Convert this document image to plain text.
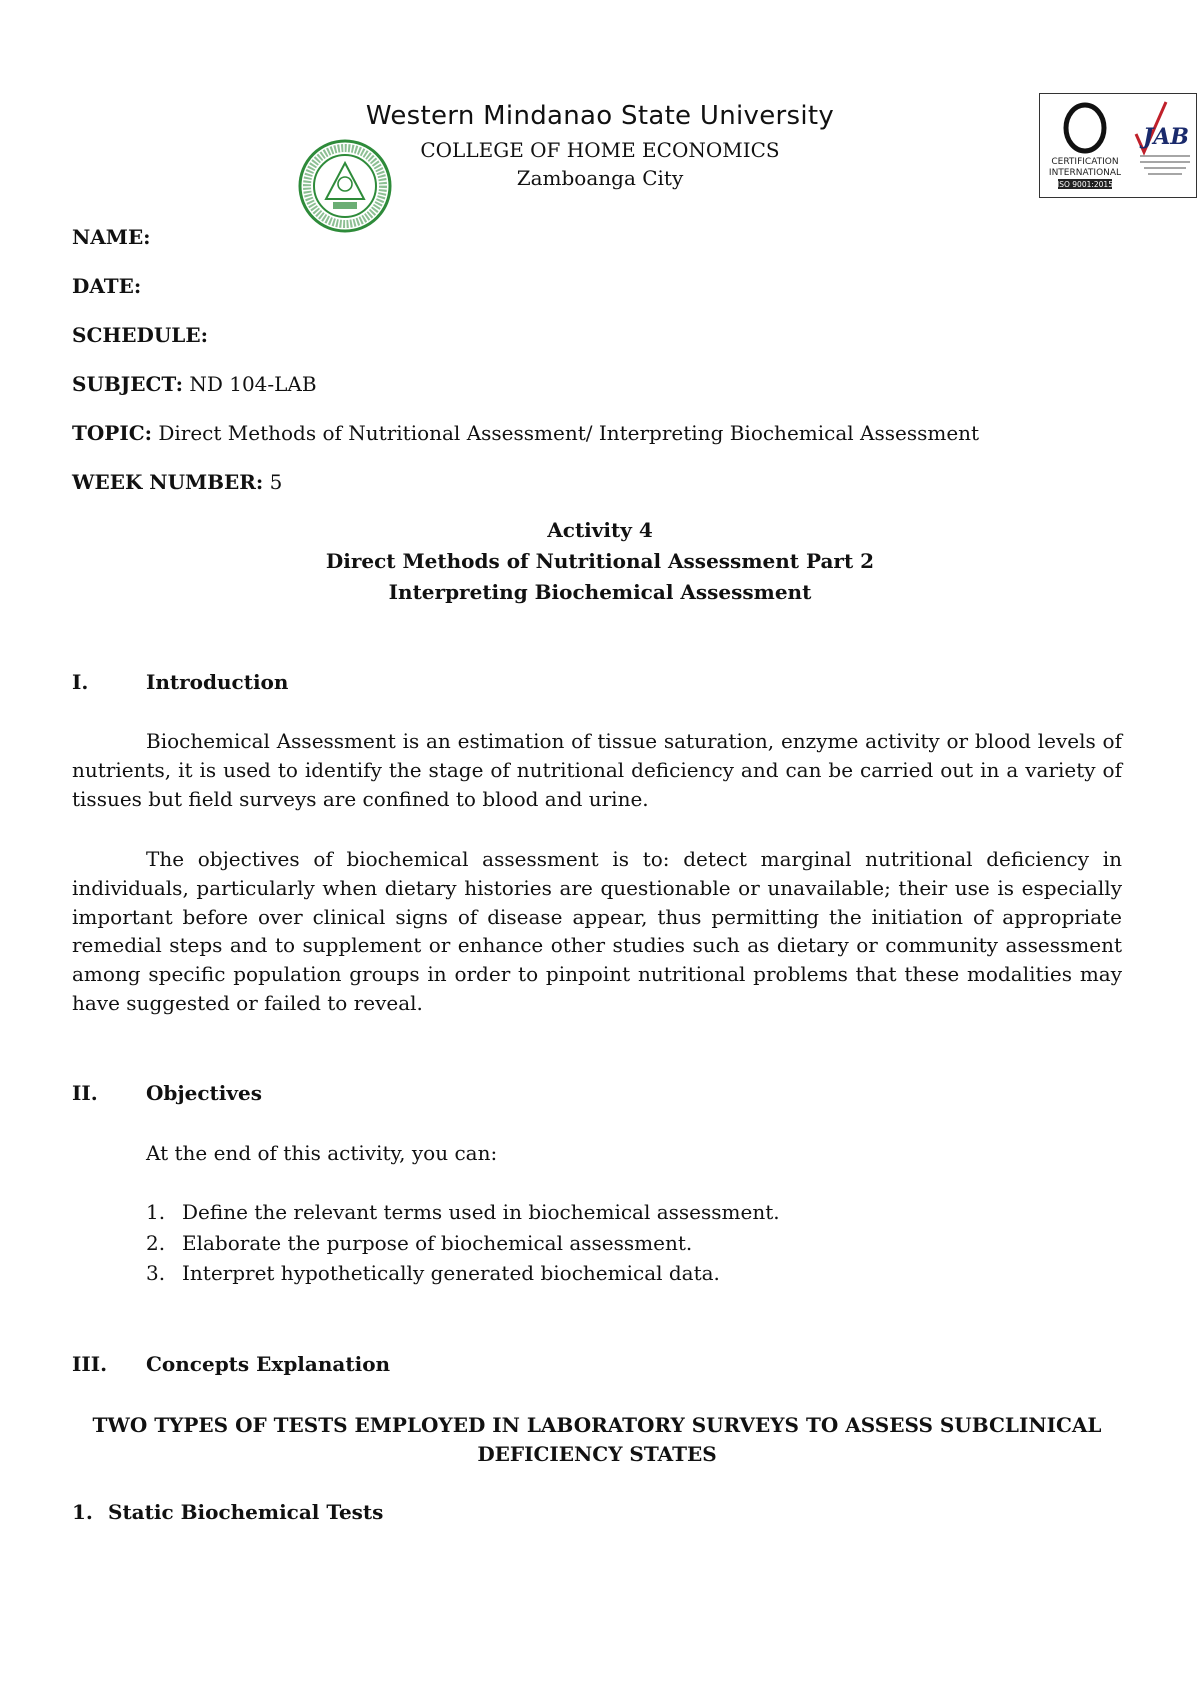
Western Mindanao State University
COLLEGE OF HOME ECONOMICS
Zamboanga City
CERTIFICATION
INTERNATIONAL
ISO 9001:2015
JAB
NAME:
DATE:
SCHEDULE:
SUBJECT: ND 104-LAB
TOPIC: Direct Methods of Nutritional Assessment/ Interpreting Biochemical Assessment
WEEK NUMBER: 5
Activity 4
Direct Methods of Nutritional Assessment Part 2
Interpreting Biochemical Assessment
I.	Introduction

Biochemical Assessment is an estimation of tissue saturation, enzyme activity or blood levels of nutrients, it is used to identify the stage of nutritional deficiency and can be carried out in a variety of tissues but field surveys are confined to blood and urine.

The objectives of biochemical assessment is to: detect marginal nutritional deficiency in individuals, particularly when dietary histories are questionable or unavailable; their use is especially important before over clinical signs of disease appear, thus permitting the initiation of appropriate remedial steps and to supplement or enhance other studies such as dietary or community assessment among specific population groups in order to pinpoint nutritional problems that these modalities may have suggested or failed to reveal.

II. Objectives
At the end of this activity, you can:
1. Define the relevant terms used in biochemical assessment.
2. Elaborate the purpose of biochemical assessment.
3. Interpret hypothetically generated biochemical data.
III. Concepts Explanation
TWO TYPES OF TESTS EMPLOYED IN LABORATORY SURVEYS TO ASSESS SUBCLINICAL
DEFICIENCY STATES
1. Static Biochemical Tests
